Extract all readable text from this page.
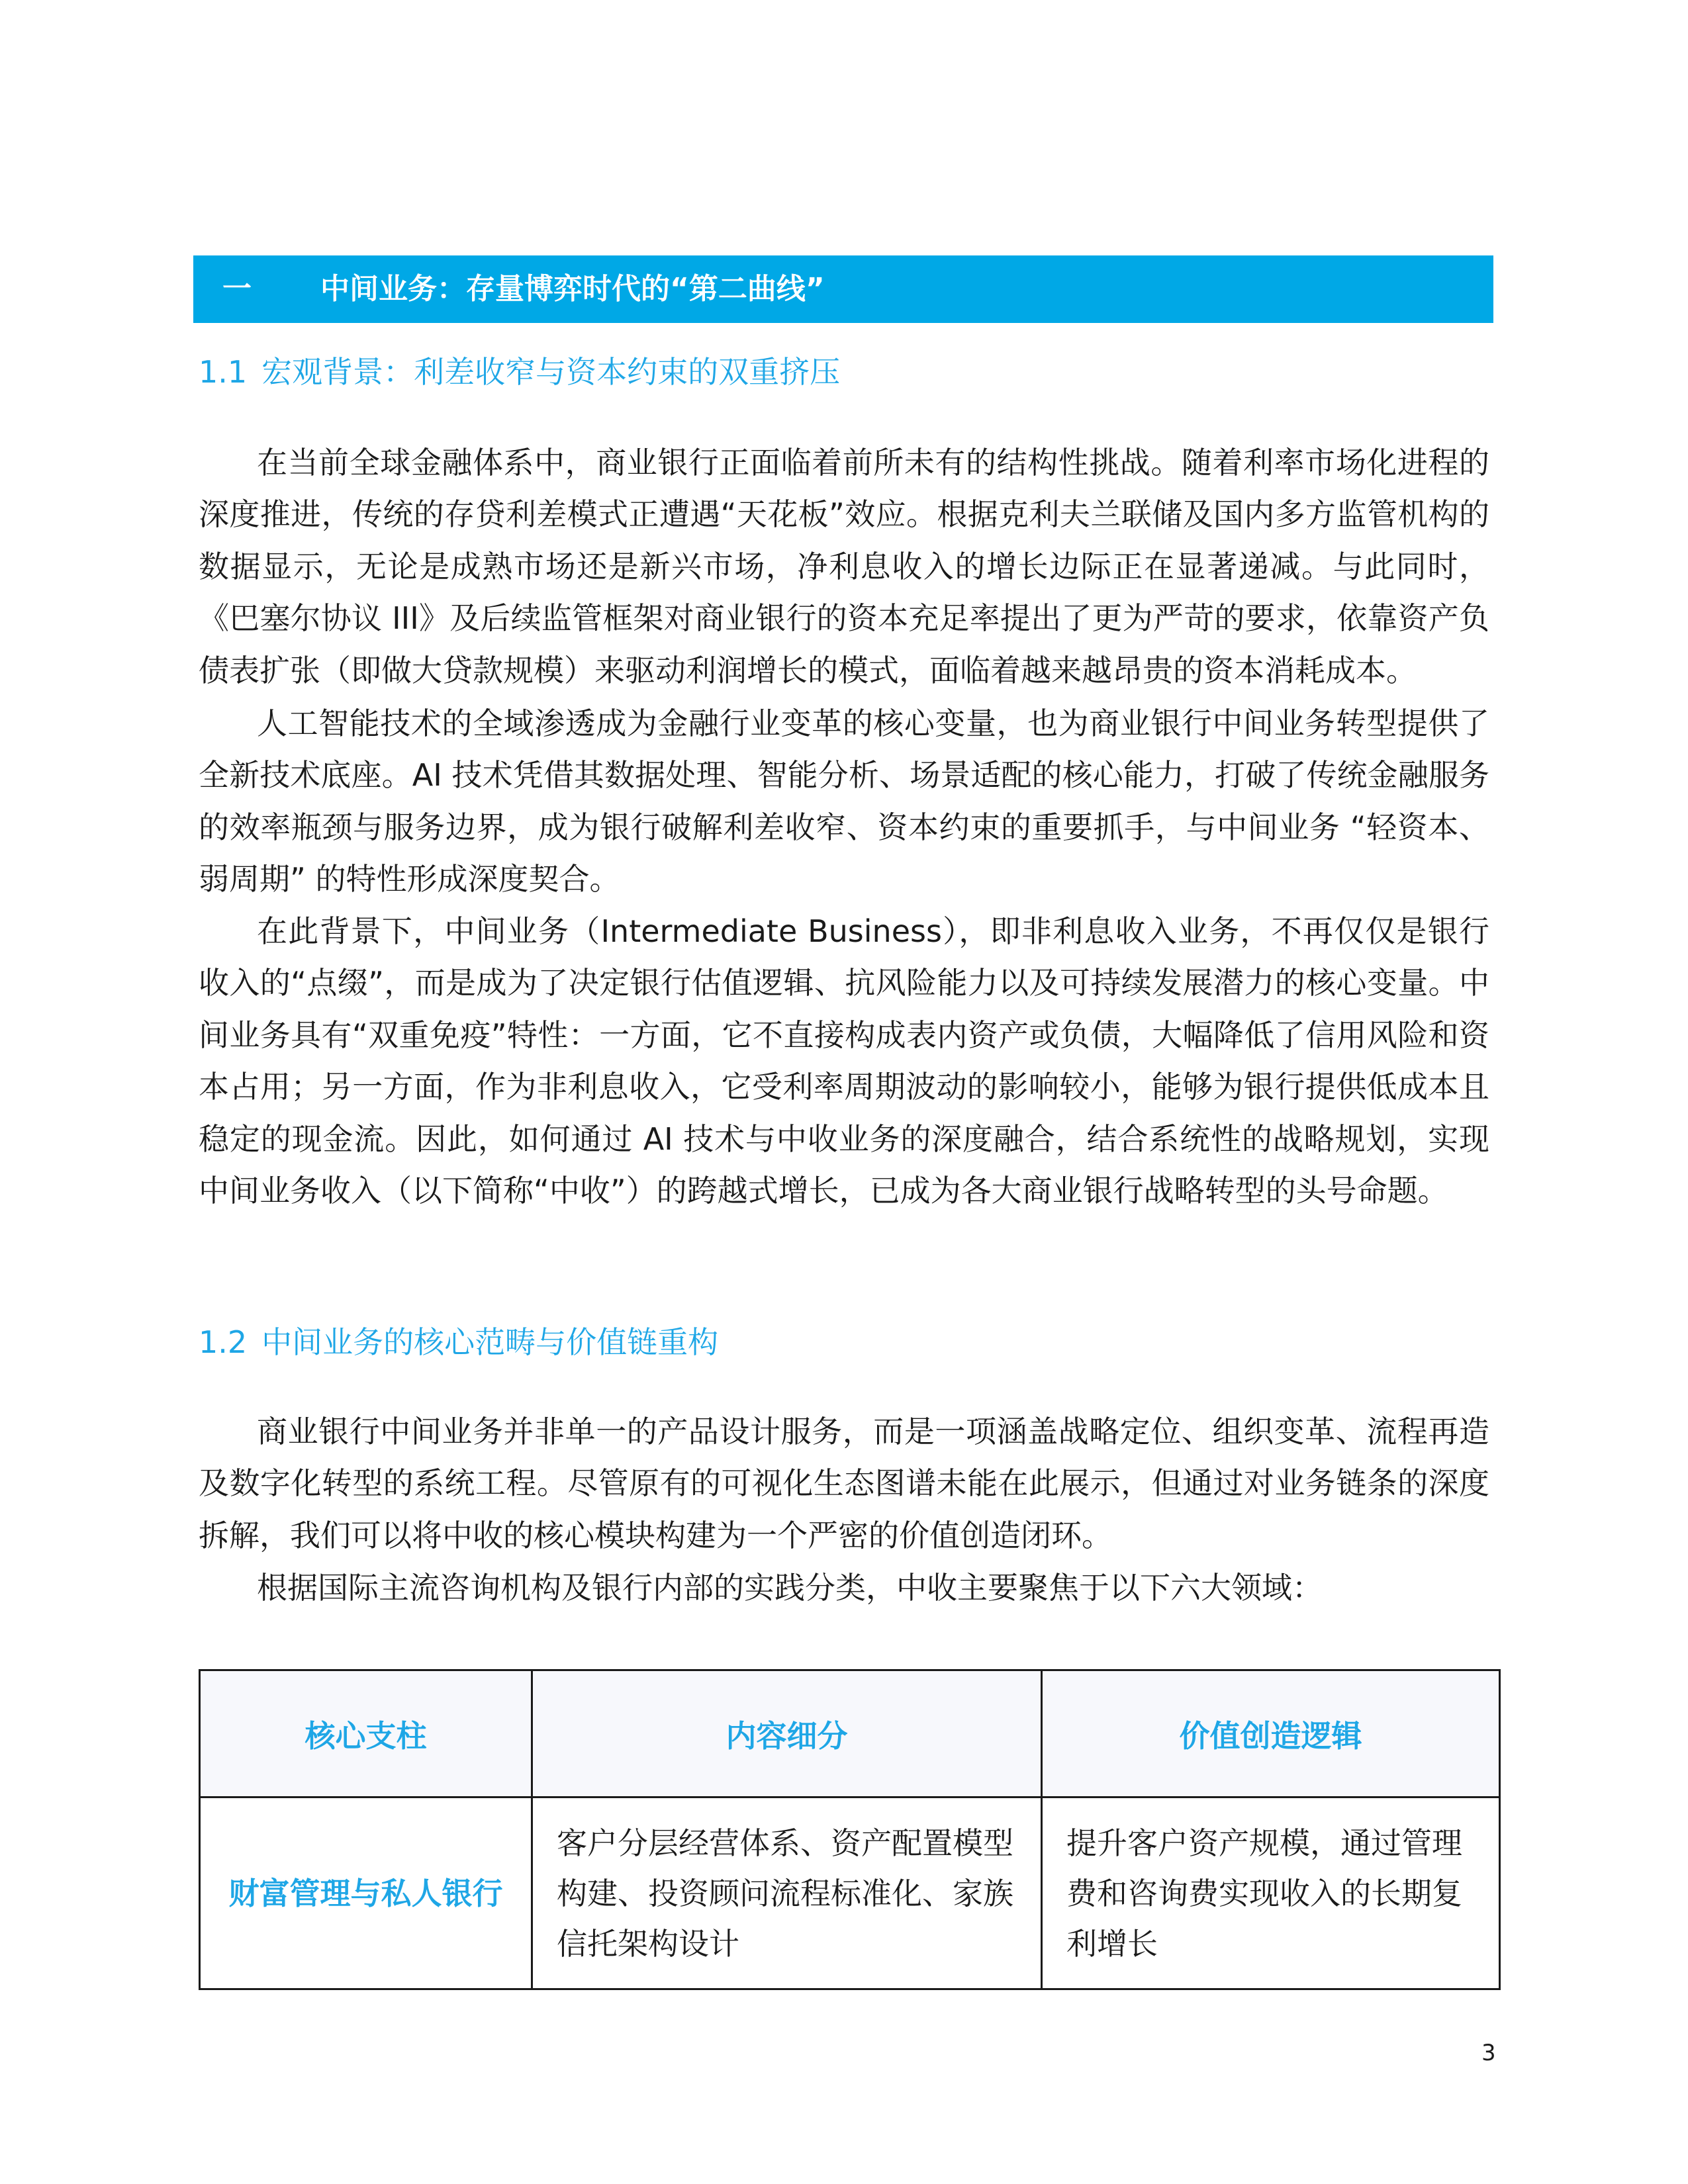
一 中间业务：存量博弈时代的“第二曲线”
1.1 宏观背景：利差收窄与资本约束的双重挤压

在当前全球金融体系中，商业银行正面临着前所未有的结构性挑战。随着利率市场化进程的深度推进，传统的存贷利差模式正遭遇“天花板”效应。根据克利夫兰联储及国内多方监管机构的数据显示，无论是成熟市场还是新兴市场，净利息收入的增长边际正在显著递减。与此同时，《巴塞尔协议 III》及后续监管框架对商业银行的资本充足率提出了更为严苛的要求，依靠资产负债表扩张（即做大贷款规模）来驱动利润增长的模式，面临着越来越昂贵的资本消耗成本。

人工智能技术的全域渗透成为金融行业变革的核心变量，也为商业银行中间业务转型提供了全新技术底座。AI 技术凭借其数据处理、智能分析、场景适配的核心能力，打破了传统金融服务的效率瓶颈与服务边界，成为银行破解利差收窄、资本约束的重要抓手，与中间业务 “轻资本、弱周期” 的特性形成深度契合。

在此背景下，中间业务（Intermediate Business），即非利息收入业务，不再仅仅是银行收入的“点缀”，而是成为了决定银行估值逻辑、抗风险能力以及可持续发展潜力的核心变量。中间业务具有“双重免疫”特性：一方面，它不直接构成表内资产或负债，大幅降低了信用风险和资本占用；另一方面，作为非利息收入，它受利率周期波动的影响较小，能够为银行提供低成本且稳定的现金流。因此，如何通过 AI 技术与中收业务的深度融合，结合系统性的战略规划，实现中间业务收入（以下简称“中收”）的跨越式增长，已成为各大商业银行战略转型的头号命题。

1.2 中间业务的核心范畴与价值链重构

商业银行中间业务并非单一的产品设计服务，而是一项涵盖战略定位、组织变革、流程再造及数字化转型的系统工程。尽管原有的可视化生态图谱未能在此展示，但通过对业务链条的深度拆解，我们可以将中收的核心模块构建为一个严密的价值创造闭环。

根据国际主流咨询机构及银行内部的实践分类，中收主要聚焦于以下六大领域：

核心支柱	内容细分	价值创造逻辑
财富管理与私人银行	客户分层经营体系、资产配置模型构建、投资顾问流程标准化、家族信托架构设计	提升客户资产规模，通过管理费和咨询费实现收入的长期复利增长
3
